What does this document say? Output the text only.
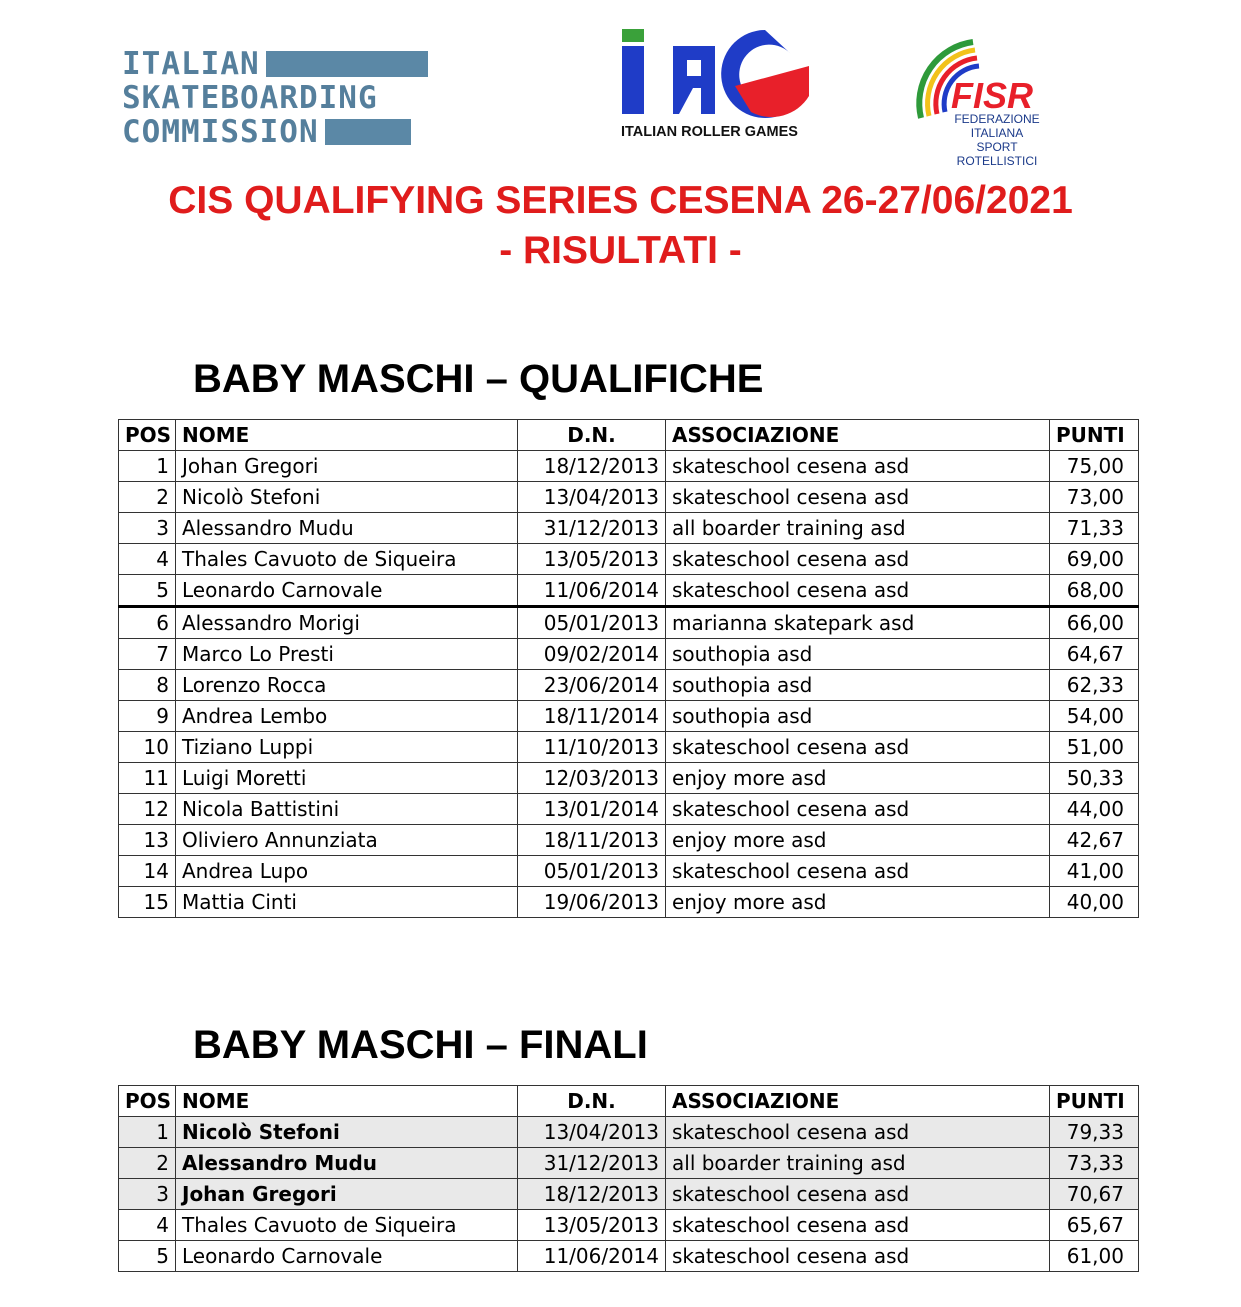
ITALIAN
SKATEBOARDING
COMMISSION	ITALIAN ROLLER GAMES
FISR
FEDERAZIONE ITALIANA
SPORT ROTELLISTICI
CIS QUALIFYING SERIES CESENA 26-27/06/2021
- RISULTATI -
BABY MASCHI – QUALIFICHE
POS	NOME	D.N.	ASSOCIAZIONE	PUNTI
1	Johan Gregori	18/12/2013	skateschool cesena asd	75,00
2	Nicolò Stefoni	13/04/2013	skateschool cesena asd	73,00
3	Alessandro Mudu	31/12/2013	all boarder training asd	71,33
4	Thales Cavuoto de Siqueira	13/05/2013	skateschool cesena asd	69,00
5	Leonardo Carnovale	11/06/2014	skateschool cesena asd	68,00
6	Alessandro Morigi	05/01/2013	marianna skatepark asd	66,00
7	Marco Lo Presti	09/02/2014	southopia asd	64,67
8	Lorenzo Rocca	23/06/2014	southopia asd	62,33
9	Andrea Lembo	18/11/2014	southopia asd	54,00
10	Tiziano Luppi	11/10/2013	skateschool cesena asd	51,00
11	Luigi Moretti	12/03/2013	enjoy more asd	50,33
12	Nicola Battistini	13/01/2014	skateschool cesena asd	44,00
13	Oliviero Annunziata	18/11/2013	enjoy more asd	42,67
14	Andrea Lupo	05/01/2013	skateschool cesena asd	41,00
15	Mattia Cinti	19/06/2013	enjoy more asd	40,00
BABY MASCHI – FINALI
POS	NOME	D.N.	ASSOCIAZIONE	PUNTI
1	Nicolò Stefoni	13/04/2013	skateschool cesena asd	79,33
2	Alessandro Mudu	31/12/2013	all boarder training asd	73,33
3	Johan Gregori	18/12/2013	skateschool cesena asd	70,67
4	Thales Cavuoto de Siqueira	13/05/2013	skateschool cesena asd	65,67
5	Leonardo Carnovale	11/06/2014	skateschool cesena asd	61,00
